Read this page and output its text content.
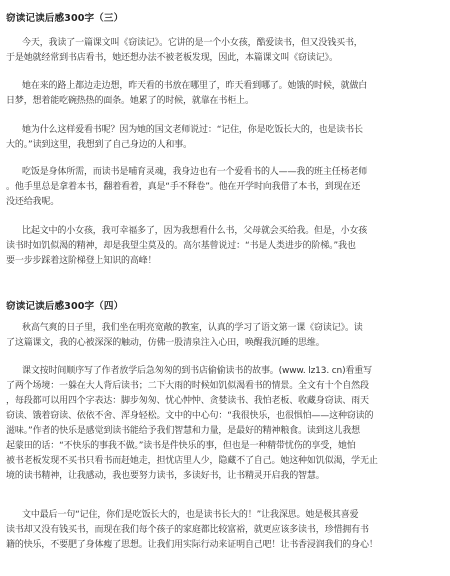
窃读记读后感300字（三）
今天，我读了一篇课文叫《窃读记》。它讲的是一个小女孩，酷爱读书，但又没钱买书，
于是她就经常到书店看书，她还想办法不被老板发现，因此，本篇课文叫《窃读记》。
她在来的路上都边走边想，昨天看的书放在哪里了，昨天看到哪了。她饿的时候，就做白
日梦，想着能吃碗热热的面条。她累了的时候，就靠在书柜上。
她为什么这样爱看书呢？因为她的国文老师说过：“记住，你是吃饭长大的，也是读书长
大的。”读到这里，我想到了自己身边的人和事。
吃饭是身体所需，而读书是哺育灵魂，我身边也有一个爱看书的人——我的班主任杨老师
。他手里总是拿着本书，翻着看着，真是“手不释卷”。他在开学时向我借了本书，到现在还
没还给我呢。
比起文中的小女孩，我可幸福多了，因为我想看什么书，父母就会买给我。但是，小女孩
读书时如饥似渴的精神，却是我望尘莫及的。高尔基曾说过：“书是人类进步的阶梯。”我也
要一步步踩着这阶梯登上知识的高峰！
窃读记读后感300字（四）
秋高气爽的日子里，我们坐在明亮宽敞的教室，认真的学习了语文第一课《窃读记》。读
了这篇课文，我的心被深深的触动，仿佛一股清泉注入心田，唤醒我沉睡的思维。
课文按时间顺序写了作者放学后急匆匆的到书店偷偷读书的故事。(www. lz13. cn)看重写
了两个场境：一躲在大人背后读书；二下大雨的时候如饥似渴看书的情景。全文有十个自然段
，每段都可以用四个字表达：脚步匆匆、忧心忡忡、贪婪读书、我怕老板、收藏身窃读、雨天
窃读、饿着窃读、依依不舍、浑身轻松。文中的中心句：“我很快乐，也很惧怕——这种窃读的
滋味。”作者的快乐是感觉到读书能给予我们智慧和力量，是最好的精神粮食。读到这儿我想
起蒙田的话：“不快乐的事我不做。”读书是件快乐的事，但也是一种精带忧伤的享受，她怕
被书老板发现不买书只看书而赶她走，担忧店里人少，隐藏不了自己。她这种如饥似渴，学无止
境的读书精神，让我感动，我也要努力读书，多读好书，让书精灵开启我的智慧。
文中最后一句“记住，你们是吃饭长大的，也是读书长大的！”让我深思。她是极其喜爱
读书却又没有钱买书，而现在我们每个孩子的家庭都比较富裕，就更应该多读书，珍惜拥有书
籍的快乐，不要肥了身体瘦了思想。让我们用实际行动来证明自己吧！让书香浸润我们的身心！
